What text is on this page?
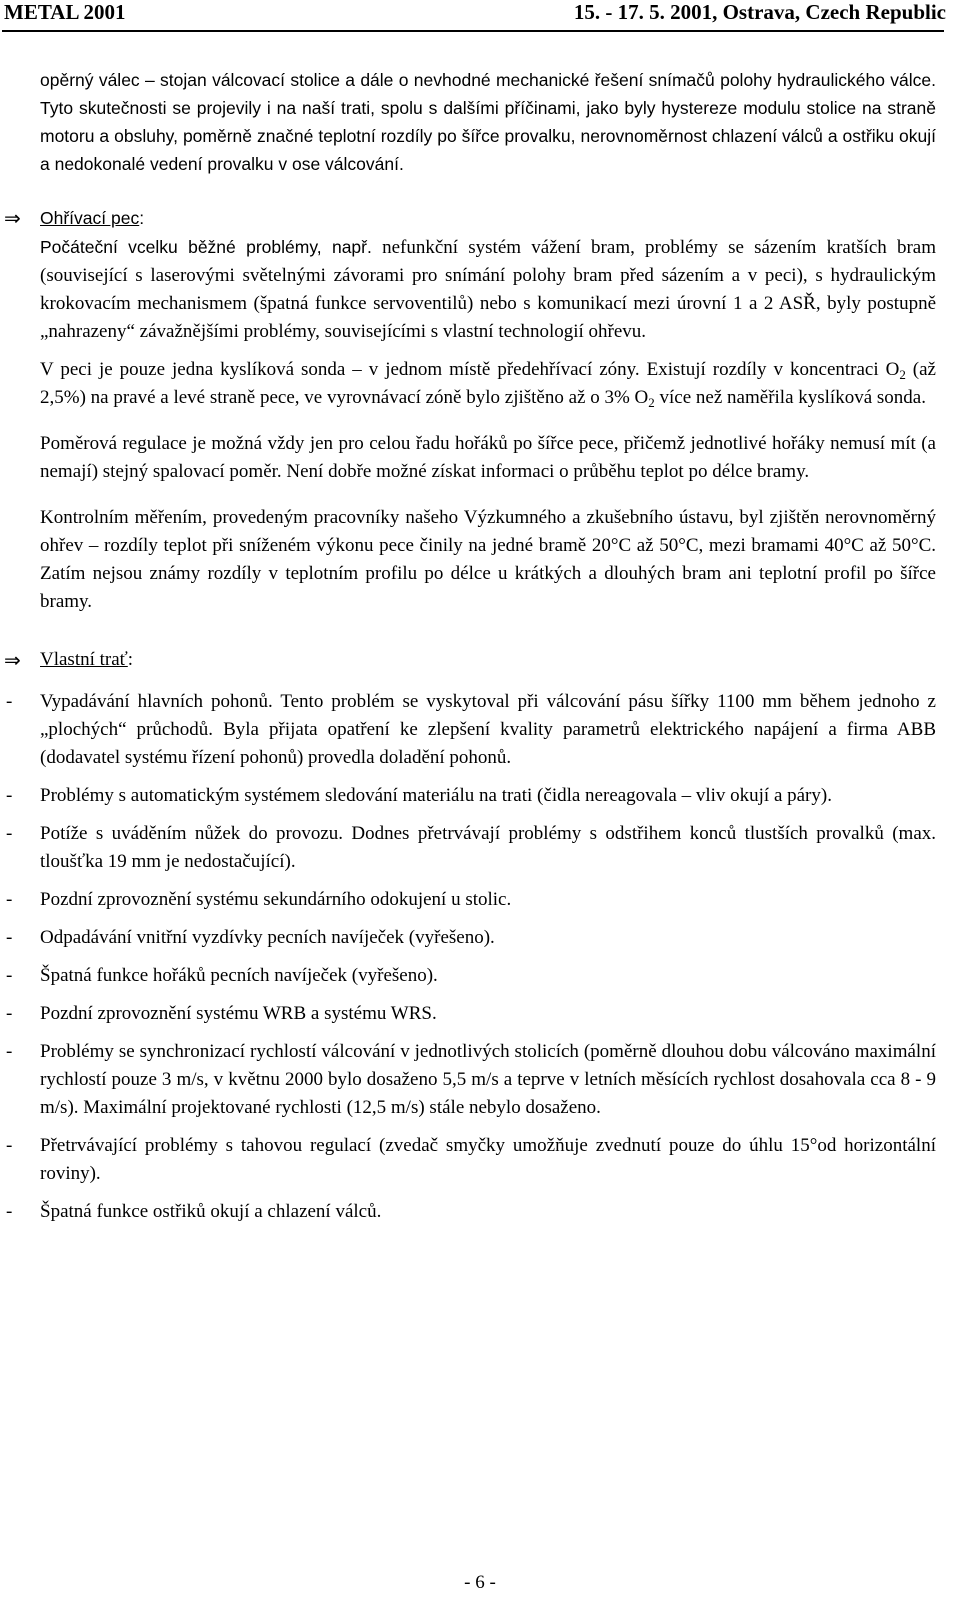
METAL 2001	15. - 17. 5. 2001, Ostrava, Czech Republic

opěrný válec – stojan válcovací stolice a dále o nevhodné mechanické řešení snímačů polohy hydraulického válce. Tyto skutečnosti se projevily i na naší trati, spolu s dalšími příčinami, jako byly hystereze modulu stolice na straně motoru a obsluhy, poměrně značné teplotní rozdíly po šířce provalku, nerovnoměrnost chlazení válců a ostřiku okují a nedokonalé vedení provalku v ose válcování.

⇒ Ohřívací pec:

Počáteční vcelku běžné problémy, např. nefunkční systém vážení bram, problémy se sázením kratších bram (související s laserovými světelnými závorami pro snímání polohy bram před sázením a v peci), s hydraulickým krokovacím mechanismem (špatná funkce servoventilů) nebo s komunikací mezi úrovní 1 a 2 ASŘ, byly postupně „nahrazeny“ závažnějšími problémy, souvisejícími s vlastní technologií ohřevu.

V peci je pouze jedna kyslíková sonda – v jednom místě předehřívací zóny. Existují rozdíly v koncentraci $O_2$ (až 2,5%) na pravé a levé straně pece, ve vyrovnávací zóně bylo zjištěno až o 3% $O_2$ více než naměřila kyslíková sonda.

Poměrová regulace je možná vždy jen pro celou řadu hořáků po šířce pece, přičemž jednotlivé hořáky nemusí mít (a nemají) stejný spalovací poměr. Není dobře možné získat informaci o průběhu teplot po délce bramy.

Kontrolním měřením, provedeným pracovníky našeho Výzkumného a zkušebního ústavu, byl zjištěn nerovnoměrný ohřev – rozdíly teplot při sníženém výkonu pece činily na jedné bramě 20°C až 50°C, mezi bramami 40°C až 50°C. Zatím nejsou známy rozdíly v teplotním profilu po délce u krátkých a dlouhých bram ani teplotní profil po šířce bramy.

⇒ Vlastní trať:
- Vypadávání hlavních pohonů. Tento problém se vyskytoval při válcování pásu šířky 1100 mm během jednoho z „plochých“ průchodů. Byla přijata opatření ke zlepšení kvality parametrů elektrického napájení a firma ABB (dodavatel systému řízení pohonů) provedla doladění pohonů.
- Problémy s automatickým systémem sledování materiálu na trati (čidla nereagovala – vliv okují a páry).
- Potíže s uváděním nůžek do provozu. Dodnes přetrvávají problémy s odstřihem konců tlustších provalků (max. tloušťka 19 mm je nedostačující).
- Pozdní zprovoznění systému sekundárního odokujení u stolic.
- Odpadávání vnitřní vyzdívky pecních navíječek (vyřešeno).
- Špatná funkce hořáků pecních navíječek (vyřešeno).
- Pozdní zprovoznění systému WRB a systému WRS.
- Problémy se synchronizací rychlostí válcování v jednotlivých stolicích (poměrně dlouhou dobu válcováno maximální rychlostí pouze 3 m/s, v květnu 2000 bylo dosaženo 5,5 m/s a teprve v letních měsících rychlost dosahovala cca 8 - 9 m/s). Maximální projektované rychlosti (12,5 m/s) stále nebylo dosaženo.
- Přetrvávající problémy s tahovou regulací (zvedač smyčky umožňuje zvednutí pouze do úhlu 15°od horizontální roviny).
- Špatná funkce ostřiků okují a chlazení válců.
- 6 -
